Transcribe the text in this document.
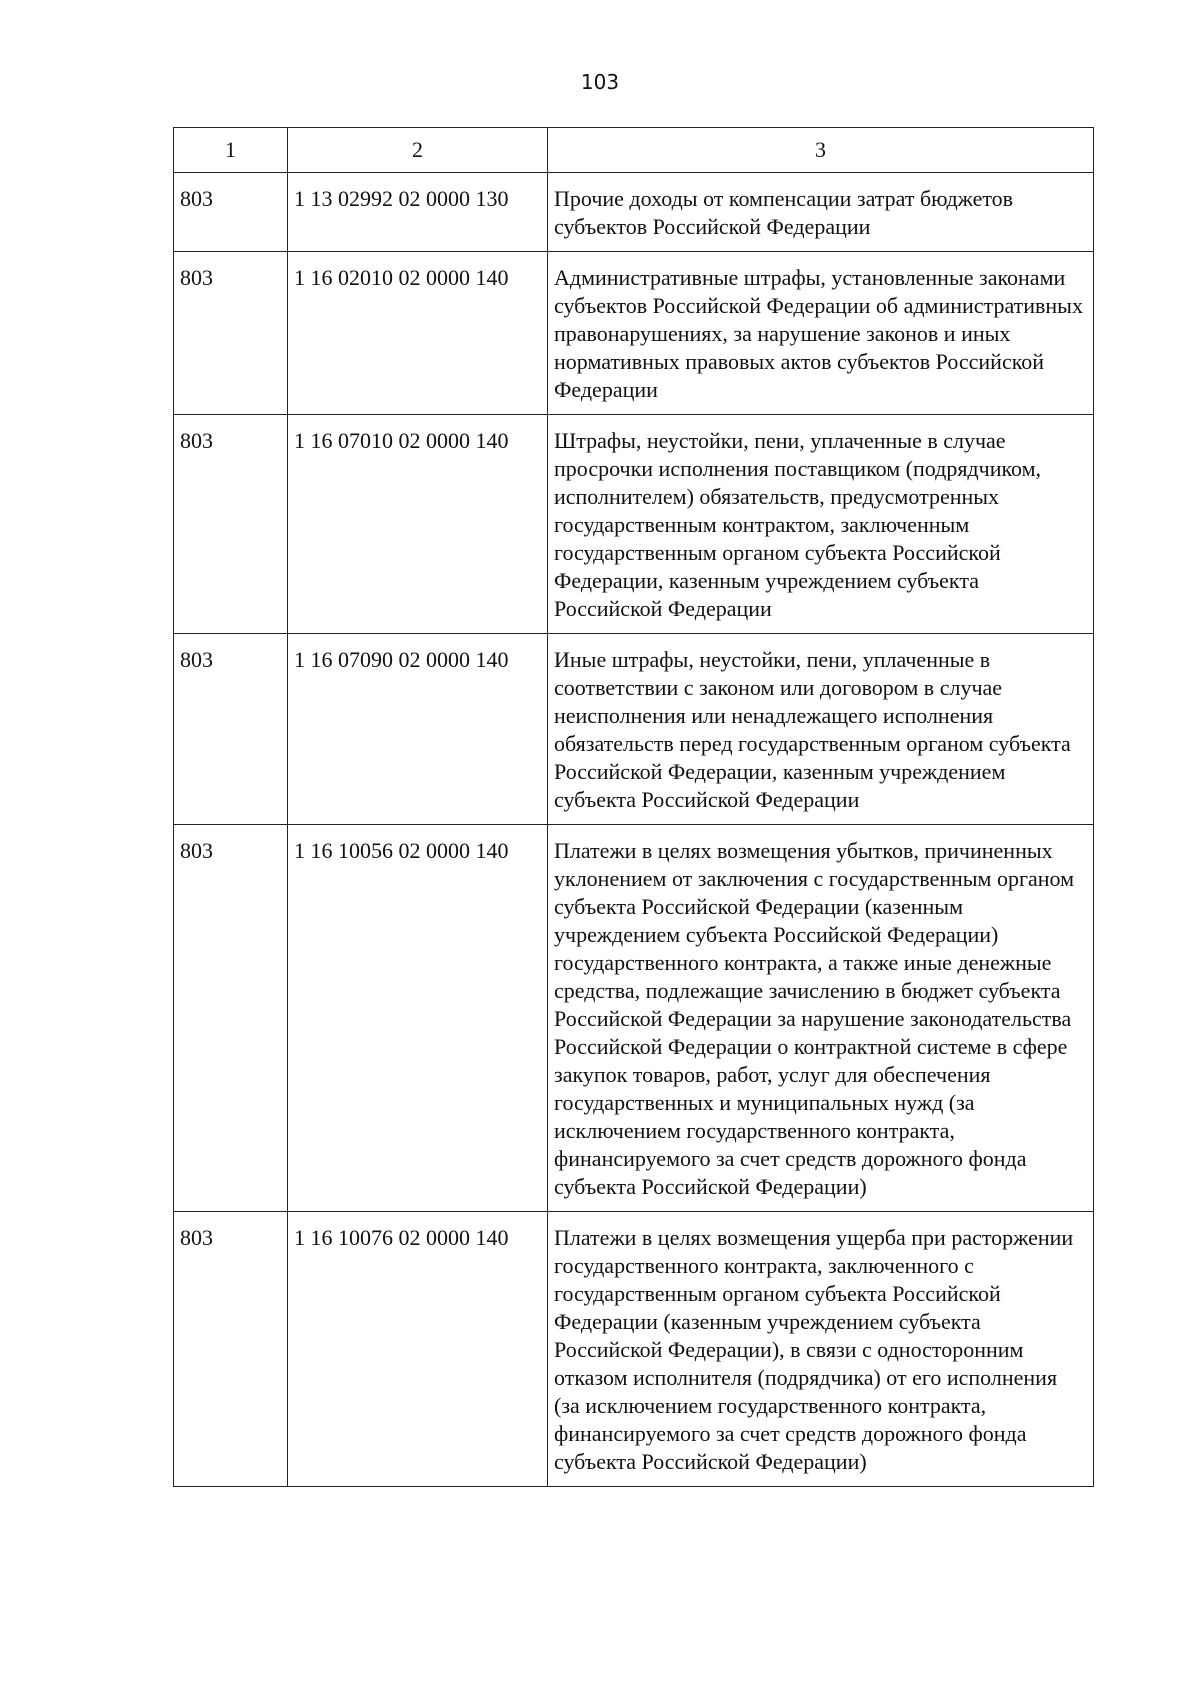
103
1	2	3
803	1 13 02992 02 0000 130	Прочие доходы от компенсации затрат бюджетов субъектов Российской Федерации
803	1 16 02010 02 0000 140	Административные штрафы, установленные законами субъектов Российской Федерации об административных правонарушениях, за нарушение законов и иных нормативных правовых актов субъектов Российской Федерации
803	1 16 07010 02 0000 140	Штрафы, неустойки, пени, уплаченные в случае просрочки исполнения поставщиком (подрядчиком, исполнителем) обязательств, предусмотренных государственным контрактом, заключенным государственным органом субъекта Российской Федерации, казенным учреждением субъекта Российской Федерации
803	1 16 07090 02 0000 140	Иные штрафы, неустойки, пени, уплаченные в соответствии с законом или договором в случае неисполнения или ненадлежащего исполнения обязательств перед государственным органом субъекта Российской Федерации, казенным учреждением субъекта Российской Федерации
803	1 16 10056 02 0000 140	Платежи в целях возмещения убытков, причиненных уклонением от заключения с государственным органом субъекта Российской Федерации (казенным учреждением субъекта Российской Федерации) государственного контракта, а также иные денежные средства, подлежащие зачислению в бюджет субъекта Российской Федерации за нарушение законодательства Российской Федерации о контрактной системе в сфере закупок товаров, работ, услуг для обеспечения государственных и муниципальных нужд (за исключением государственного контракта, финансируемого за счет средств дорожного фонда субъекта Российской Федерации)
803	1 16 10076 02 0000 140	Платежи в целях возмещения ущерба при расторжении государственного контракта, заключенного с государственным органом субъекта Российской Федерации (казенным учреждением субъекта Российской Федерации), в связи с односторонним отказом исполнителя (подрядчика) от его исполнения (за исключением государственного контракта, финансируемого за счет средств дорожного фонда субъекта Российской Федерации)
